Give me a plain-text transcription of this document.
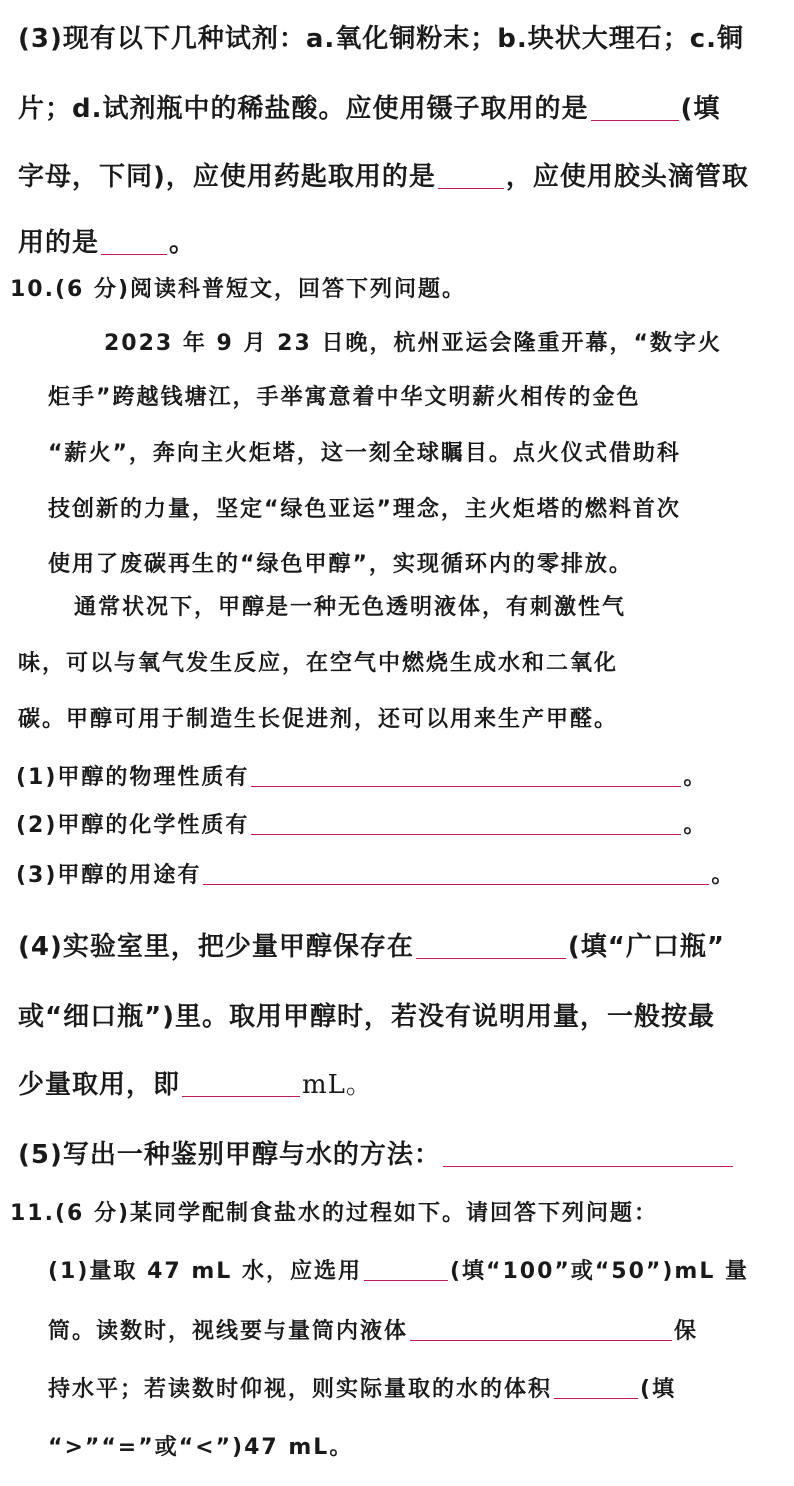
(3)现有以下几种试剂：a.氧化铜粉末；b.块状大理石；c.铜
片；d.试剂瓶中的稀盐酸。应使用镊子取用的是	(填
字母，下同)，应使用药匙取用的是	，应使用胶头滴管取
用的是	。
10.(6 分)阅读科普短文，回答下列问题。
2023 年 9 月 23 日晚，杭州亚运会隆重开幕，“数字火
炬手”跨越钱塘江，手举寓意着中华文明薪火相传的金色
“薪火”，奔向主火炬塔，这一刻全球瞩目。点火仪式借助科
技创新的力量，坚定“绿色亚运”理念，主火炬塔的燃料首次
使用了废碳再生的“绿色甲醇”，实现循环内的零排放。
通常状况下，甲醇是一种无色透明液体，有刺激性气
味，可以与氧气发生反应，在空气中燃烧生成水和二氧化
碳。甲醇可用于制造生长促进剂，还可以用来生产甲醛。
(1)甲醇的物理性质有	。
(2)甲醇的化学性质有	。
(3)甲醇的用途有	。
(4)实验室里，把少量甲醇保存在	(填“广口瓶”
或“细口瓶”)里。取用甲醇时，若没有说明用量，一般按最
少量取用，即	mL。
(5)写出一种鉴别甲醇与水的方法：
11.(6 分)某同学配制食盐水的过程如下。请回答下列问题：
(1)量取 47 mL 水，应选用	(填“100”或“50”)mL 量
筒。读数时，视线要与量筒内液体	保
持水平；若读数时仰视，则实际量取的水的体积	(填
“>”“=”或“<”)47 mL。
